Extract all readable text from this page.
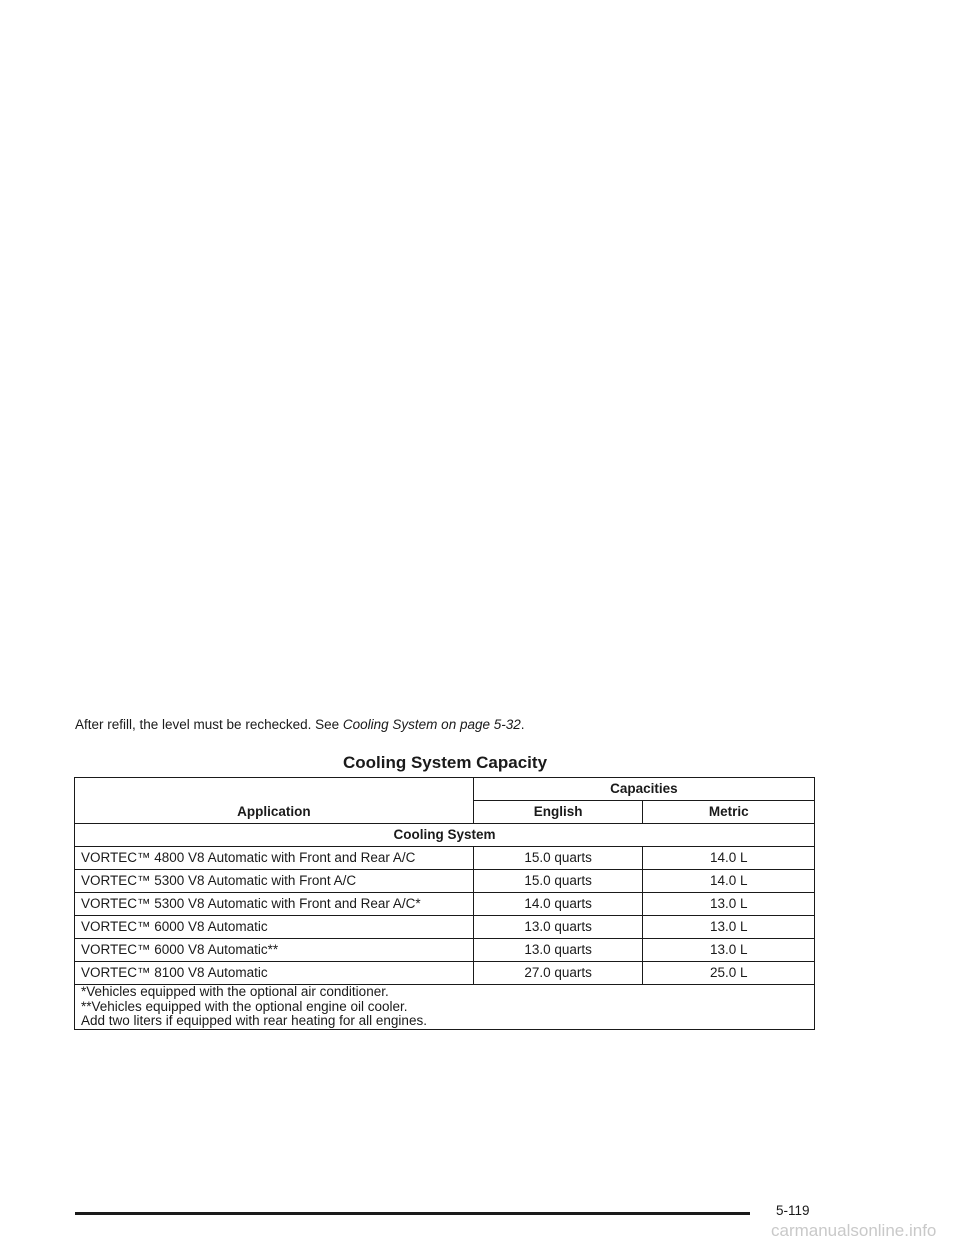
After refill, the level must be rechecked. See Cooling System on page 5-32.
Cooling System Capacity
Application	Capacities	
	English	Metric
Cooling System		
VORTEC™ 4800 V8 Automatic with Front and Rear A/C	15.0 quarts	14.0 L
VORTEC™ 5300 V8 Automatic with Front A/C	15.0 quarts	14.0 L
VORTEC™ 5300 V8 Automatic with Front and Rear A/C*	14.0 quarts	13.0 L
VORTEC™ 6000 V8 Automatic	13.0 quarts	13.0 L
VORTEC™ 6000 V8 Automatic**	13.0 quarts	13.0 L
VORTEC™ 8100 V8 Automatic	27.0 quarts	25.0 L

*Vehicles equipped with the optional air conditioner.
**Vehicles equipped with the optional engine oil cooler.
Add two liters if equipped with rear heating for all engines.		
5-119
carmanualsonline.info
